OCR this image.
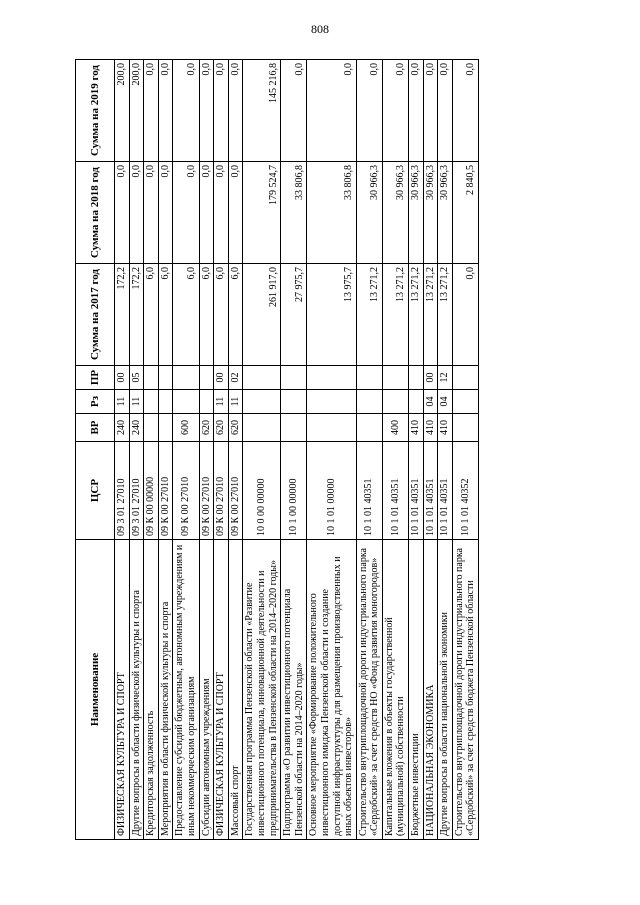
808
Наименование	ЦСР	ВР	Рз	ПР	Сумма на 2017 год	Сумма на 2018 год	Сумма на 2019 год
ФИЗИЧЕСКАЯ КУЛЬТУРА И СПОРТ	09 3 01 27010	240	11	00	172,2	0,0	200,0
Другие вопросы в области физической культуры и спорта	09 3 01 27010	240	11	05	172,2	0,0	200,0
Кредиторская задолженность	09 К 00 00000				6,0	0,0	0,0
Мероприятия в области физической культуры и спорта	09 К 00 27010				6,0	0,0	0,0
Предоставление субсидий бюджетным, автономным учреждениям и иным некоммерческим организациям	09 К 00 27010	600			6,0	0,0	0,0
Субсидии автономным учреждениям	09 К 00 27010	620			6,0	0,0	0,0
ФИЗИЧЕСКАЯ КУЛЬТУРА И СПОРТ	09 К 00 27010	620	11	00	6,0	0,0	0,0
Массовый спорт	09 К 00 27010	620	11	02	6,0	0,0	0,0
Государственная программа Пензенской области «Развитие инвестиционного потенциала, инновационной деятельности и предпринимательства в Пензенской области на 2014–2020 годы»	10 0 00 00000				261 917,0	179 524,7	145 216,8
Подпрограмма «О развитии инвестиционного потенциала Пензенской области на 2014–2020 годы»	10 1 00 00000				27 975,7	33 806,8	0,0
Основное мероприятие «Формирование положительного инвестиционного имиджа Пензенской области и создание доступной инфраструктуры для размещения производственных и иных объектов инвесторов»	10 1 01 00000				13 975,7	33 806,8	0,0
Строительство внутриплощадочной дороги индустриального парка «Сердобский» за счет средств НО «Фонд развития моногородов»	10 1 01 40351				13 271,2	30 966,3	0,0
Капитальные вложения в объекты государственной (муниципальной) собственности	10 1 01 40351	400			13 271,2	30 966,3	0,0
Бюджетные инвестиции	10 1 01 40351	410			13 271,2	30 966,3	0,0
НАЦИОНАЛЬНАЯ ЭКОНОМИКА	10 1 01 40351	410	04	00	13 271,2	30 966,3	0,0
Другие вопросы в области национальной экономики	10 1 01 40351	410	04	12	13 271,2	30 966,3	0,0
Строительство внутриплощадочной дороги индустриального парка «Сердобский» за счет средств бюджета Пензенской области	10 1 01 40352				0,0	2 840,5	0,0
